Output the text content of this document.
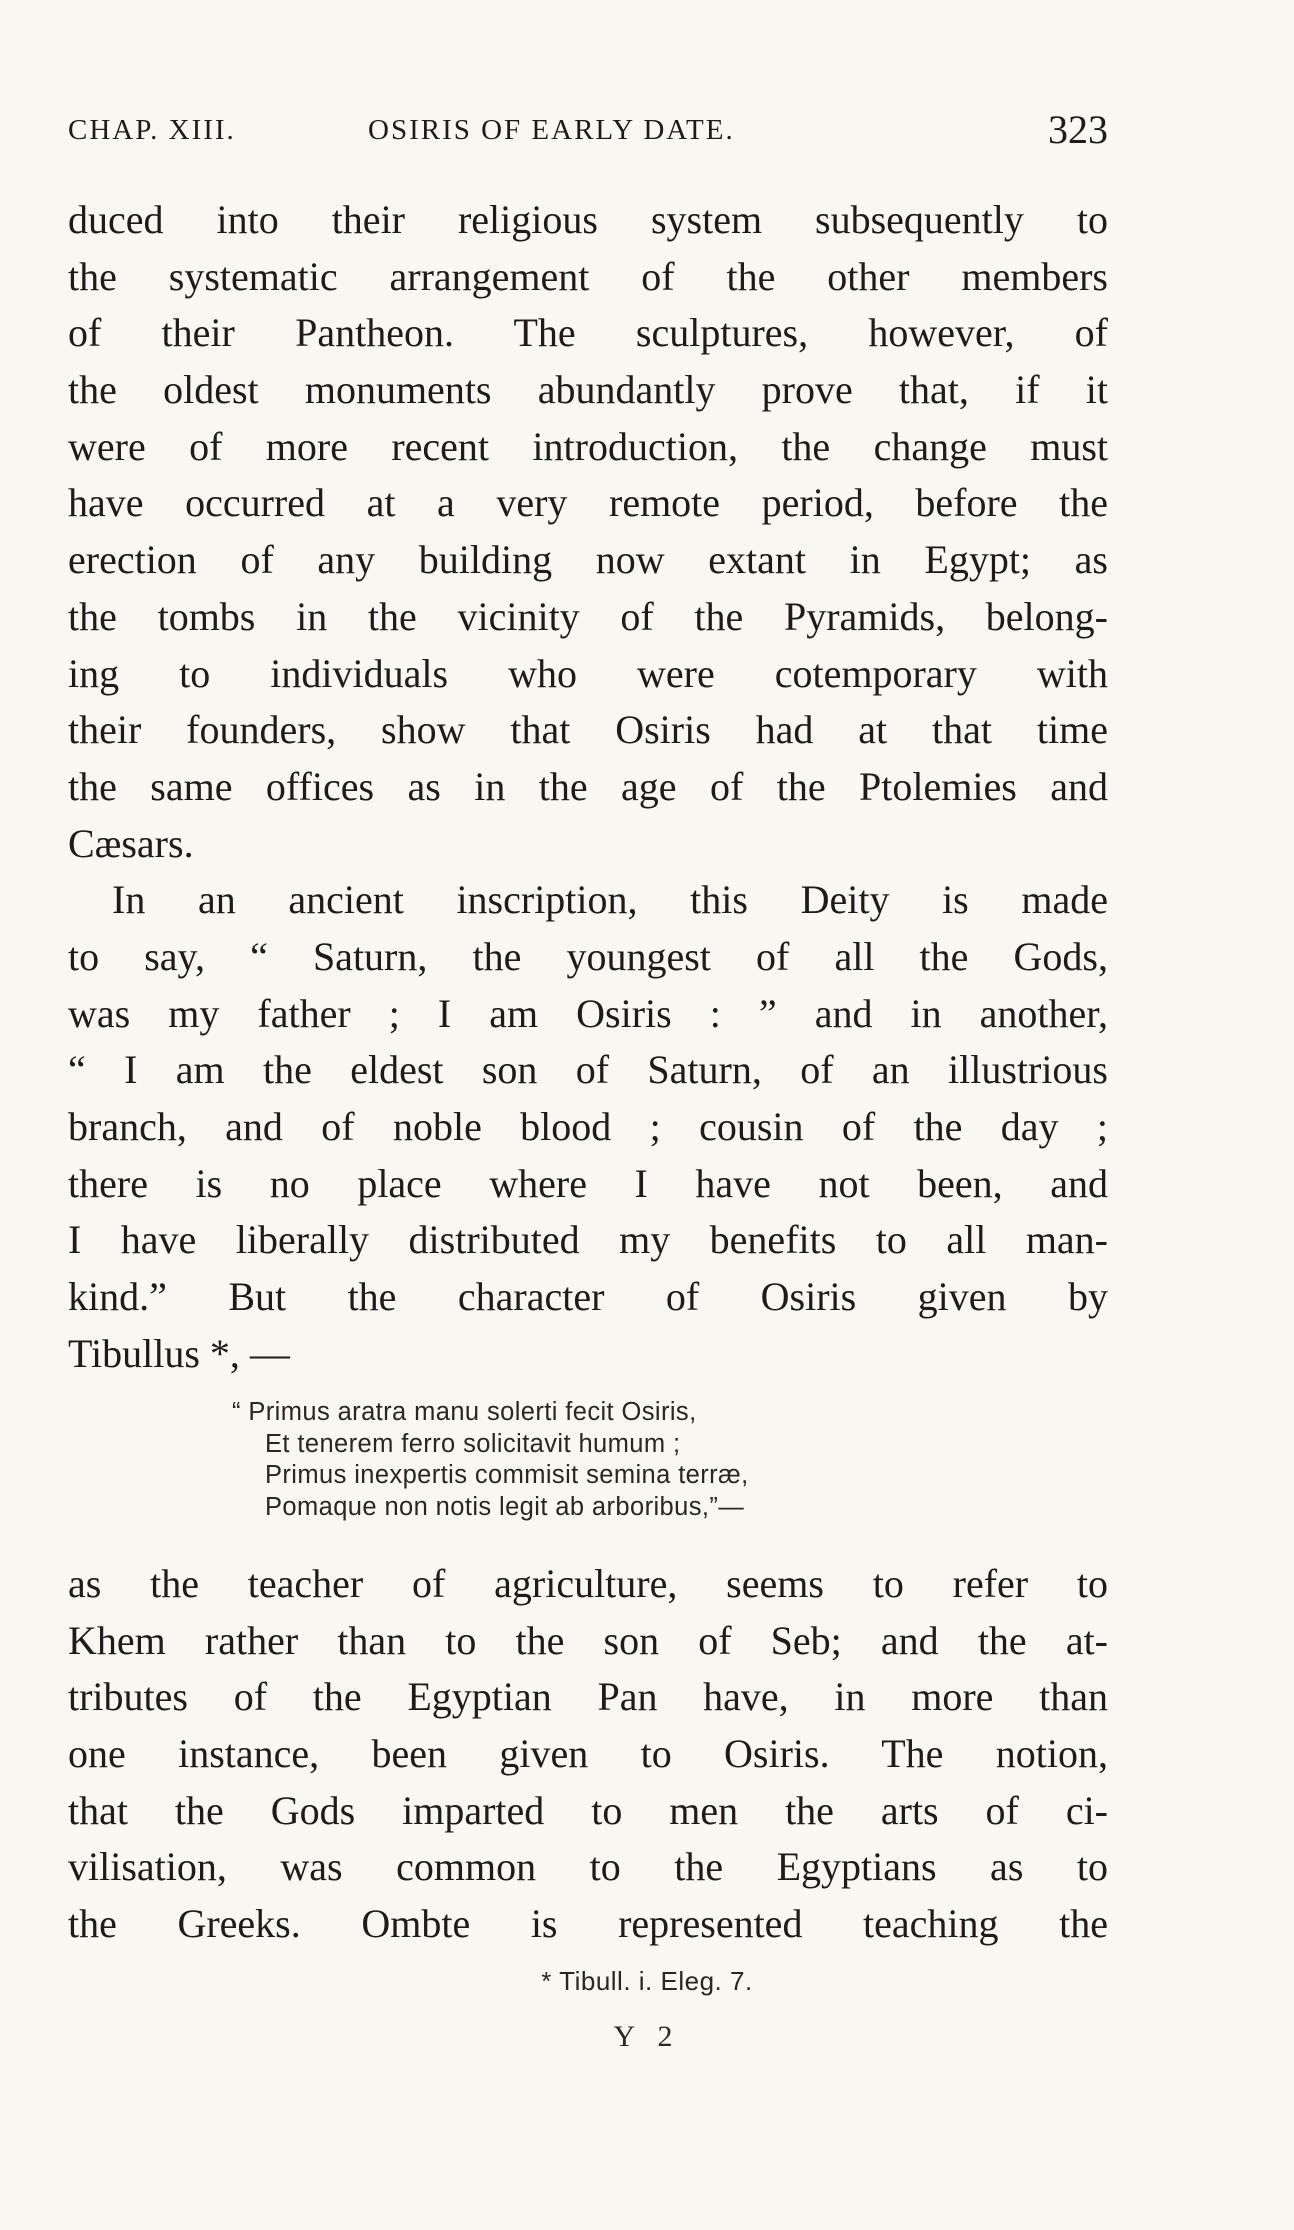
CHAP. XIII.	OSIRIS OF EARLY DATE.	323
duced into their religious system subsequently to
the systematic arrangement of the other members
of their Pantheon. The sculptures, however, of
the oldest monuments abundantly prove that, if it
were of more recent introduction, the change must
have occurred at a very remote period, before the
erection of any building now extant in Egypt; as
the tombs in the vicinity of the Pyramids, belong-
ing to individuals who were cotemporary with
their founders, show that Osiris had at that time
the same offices as in the age of the Ptolemies and
Cæsars.
In an ancient inscription, this Deity is made
to say, “ Saturn, the youngest of all the Gods,
was my father ; I am Osiris : ” and in another,
“ I am the eldest son of Saturn, of an illustrious
branch, and of noble blood ; cousin of the day ;
there is no place where I have not been, and
I have liberally distributed my benefits to all man-
kind.” But the character of Osiris given by
Tibullus *, —
“ Primus aratra manu solerti fecit Osiris,
Et tenerem ferro solicitavit humum ;
Primus inexpertis commisit semina terræ,
Pomaque non notis legit ab arboribus,”—
as the teacher of agriculture, seems to refer to
Khem rather than to the son of Seb; and the at-
tributes of the Egyptian Pan have, in more than
one instance, been given to Osiris. The notion,
that the Gods imparted to men the arts of ci-
vilisation, was common to the Egyptians as to
the Greeks. Ombte is represented teaching the
* Tibull. i. Eleg. 7.
Y 2
